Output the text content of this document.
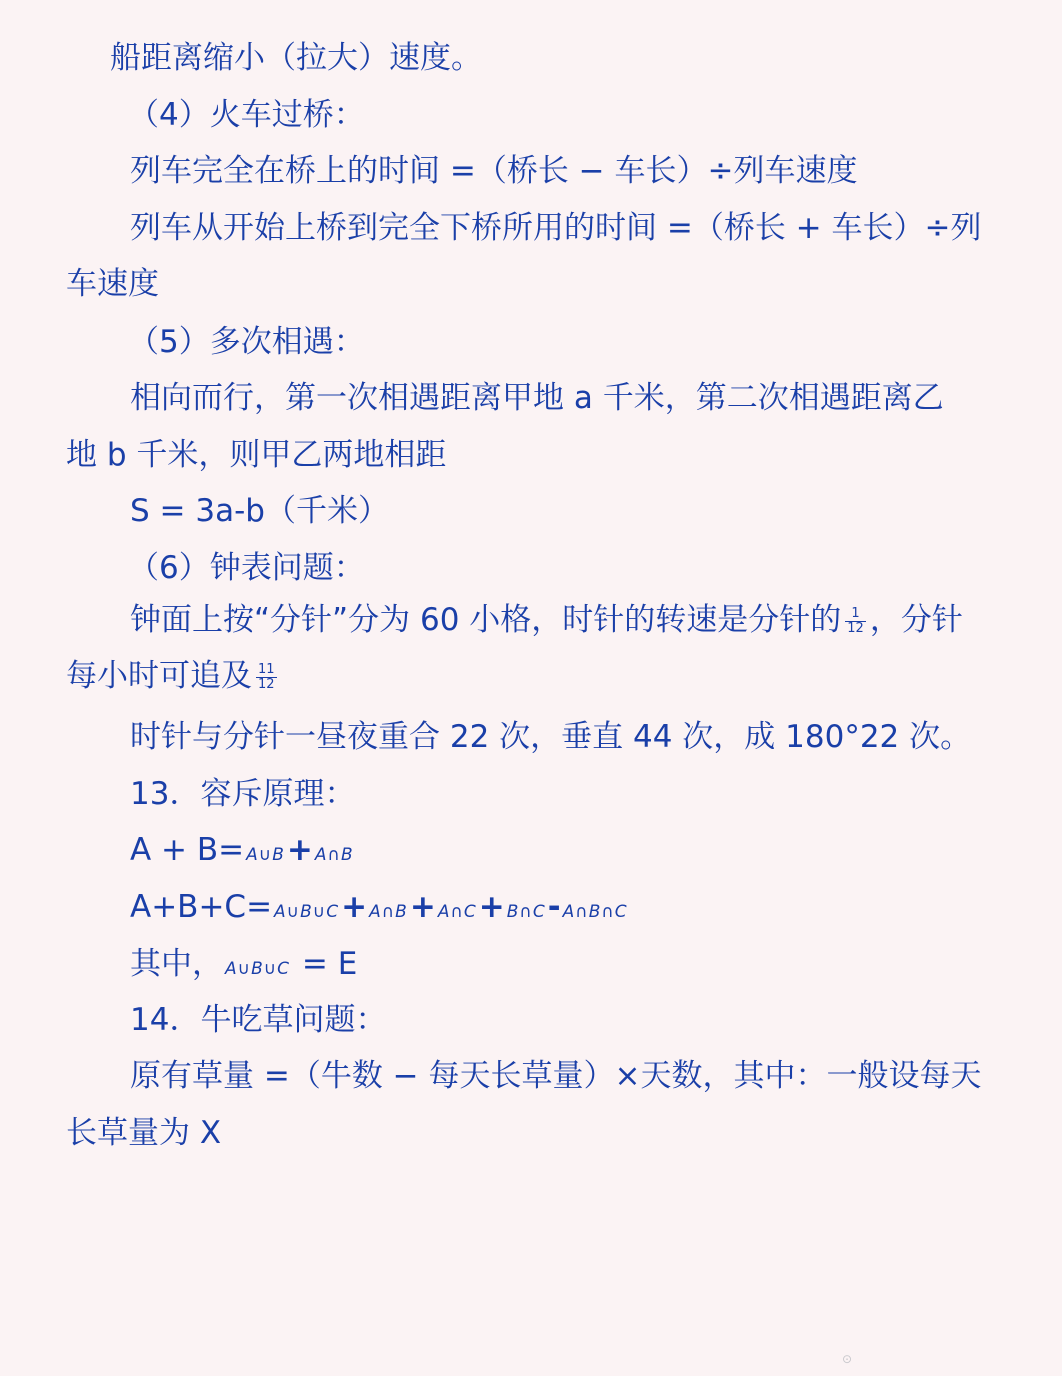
船距离缩小（拉大）速度。
（4）火车过桥：
列车完全在桥上的时间 =（桥长 − 车长）÷列车速度
列车从开始上桥到完全下桥所用的时间 =（桥长 + 车长）÷列
车速度
（5）多次相遇：
相向而行，第一次相遇距离甲地 a 千米，第二次相遇距离乙
地 b 千米，则甲乙两地相距
S = 3a-b（千米）
（6）钟表问题：
钟面上按“分针”分为 60 小格，时针的转速是分针的 $\frac{1}{12}$ ，分针
每小时可追及 $\frac{11}{12}$
时针与分针一昼夜重合 22 次，垂直 44 次，成 180°22 次。
13．容斥原理：
A + B= A∪B+ A∩B
A+B+C= A∪B∪C+ A∩B+ A∩C+ B∩C- A∩B∩C
其中， A∪B∪C = E
14．牛吃草问题：
原有草量 =（牛数 − 每天长草量）×天数，其中：一般设每天
长草量为 X
⊙
